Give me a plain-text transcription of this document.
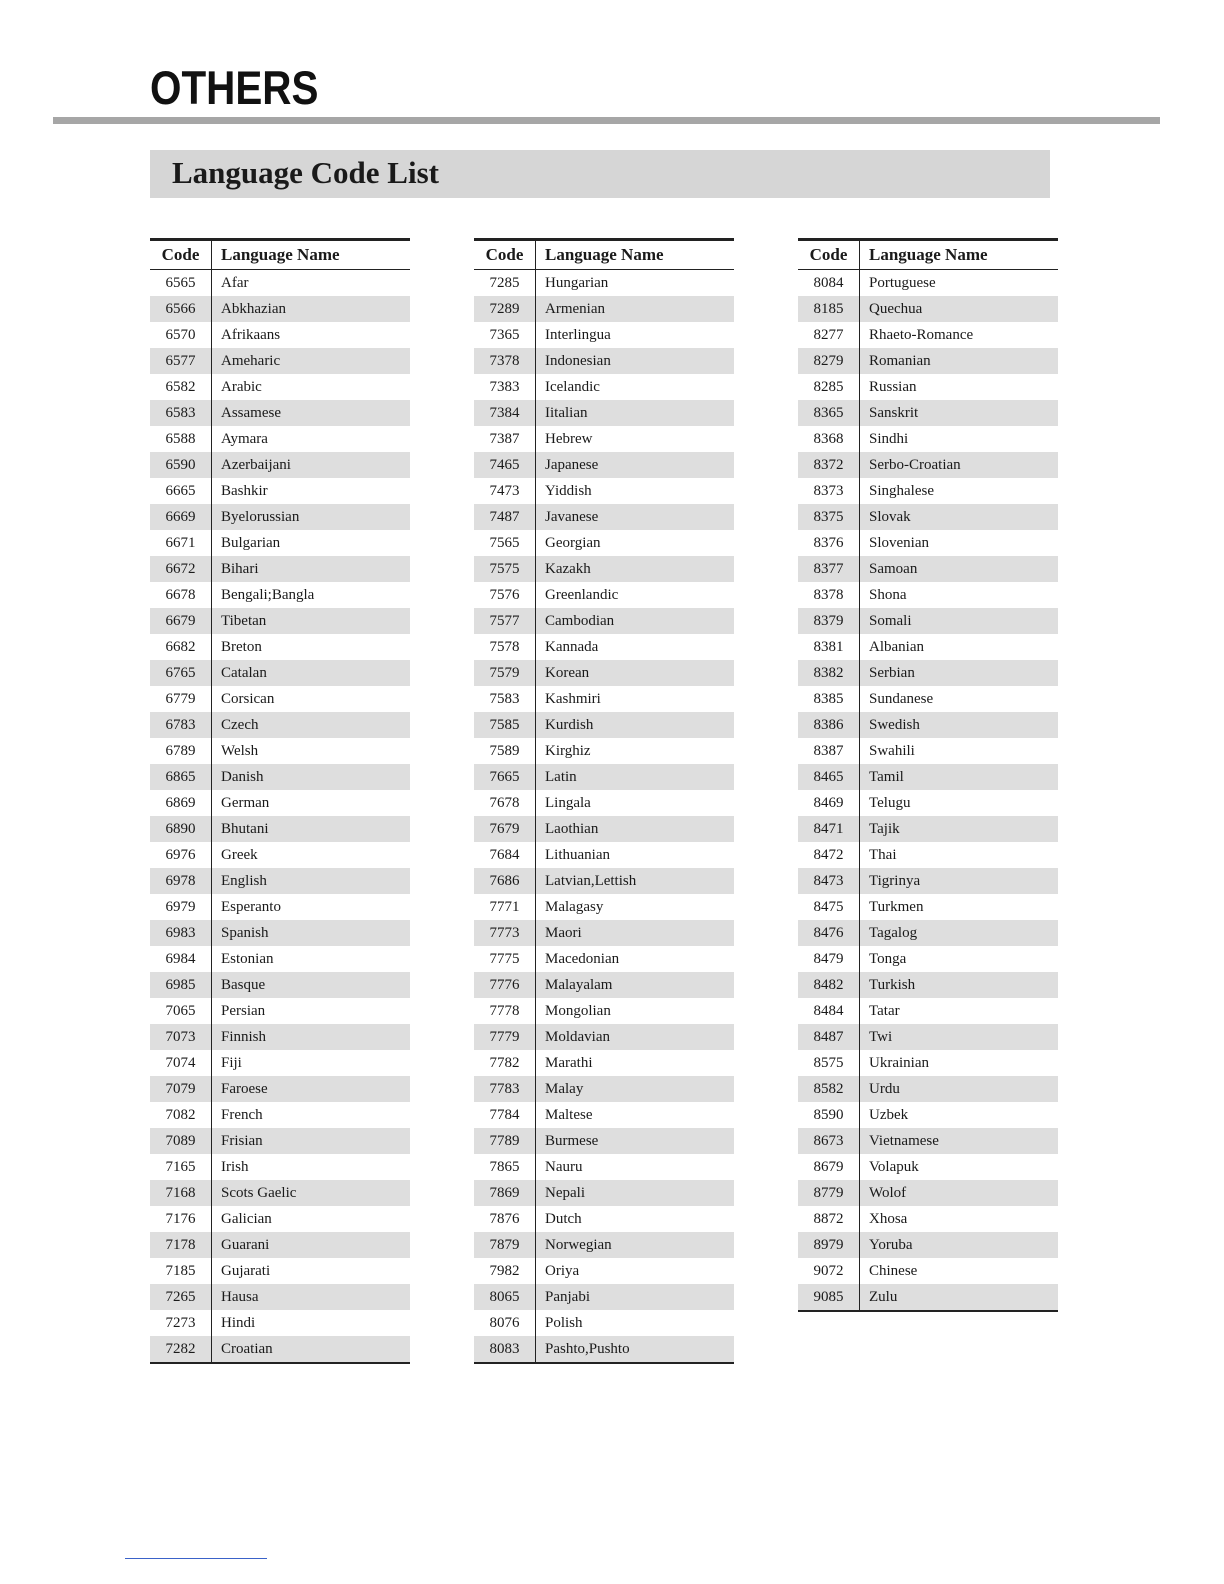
OTHERS
Language Code List
Code	Language Name
6565	Afar
6566	Abkhazian
6570	Afrikaans
6577	Ameharic
6582	Arabic
6583	Assamese
6588	Aymara
6590	Azerbaijani
6665	Bashkir
6669	Byelorussian
6671	Bulgarian
6672	Bihari
6678	Bengali;Bangla
6679	Tibetan
6682	Breton
6765	Catalan
6779	Corsican
6783	Czech
6789	Welsh
6865	Danish
6869	German
6890	Bhutani
6976	Greek
6978	English
6979	Esperanto
6983	Spanish
6984	Estonian
6985	Basque
7065	Persian
7073	Finnish
7074	Fiji
7079	Faroese
7082	French
7089	Frisian
7165	Irish
7168	Scots Gaelic
7176	Galician
7178	Guarani
7185	Gujarati
7265	Hausa
7273	Hindi
7282	Croatian
Code	Language Name
7285	Hungarian
7289	Armenian
7365	Interlingua
7378	Indonesian
7383	Icelandic
7384	Iitalian
7387	Hebrew
7465	Japanese
7473	Yiddish
7487	Javanese
7565	Georgian
7575	Kazakh
7576	Greenlandic
7577	Cambodian
7578	Kannada
7579	Korean
7583	Kashmiri
7585	Kurdish
7589	Kirghiz
7665	Latin
7678	Lingala
7679	Laothian
7684	Lithuanian
7686	Latvian,Lettish
7771	Malagasy
7773	Maori
7775	Macedonian
7776	Malayalam
7778	Mongolian
7779	Moldavian
7782	Marathi
7783	Malay
7784	Maltese
7789	Burmese
7865	Nauru
7869	Nepali
7876	Dutch
7879	Norwegian
7982	Oriya
8065	Panjabi
8076	Polish
8083	Pashto,Pushto
Code	Language Name
8084	Portuguese
8185	Quechua
8277	Rhaeto-Romance
8279	Romanian
8285	Russian
8365	Sanskrit
8368	Sindhi
8372	Serbo-Croatian
8373	Singhalese
8375	Slovak
8376	Slovenian
8377	Samoan
8378	Shona
8379	Somali
8381	Albanian
8382	Serbian
8385	Sundanese
8386	Swedish
8387	Swahili
8465	Tamil
8469	Telugu
8471	Tajik
8472	Thai
8473	Tigrinya
8475	Turkmen
8476	Tagalog
8479	Tonga
8482	Turkish
8484	Tatar
8487	Twi
8575	Ukrainian
8582	Urdu
8590	Uzbek
8673	Vietnamese
8679	Volapuk
8779	Wolof
8872	Xhosa
8979	Yoruba
9072	Chinese
9085	Zulu
